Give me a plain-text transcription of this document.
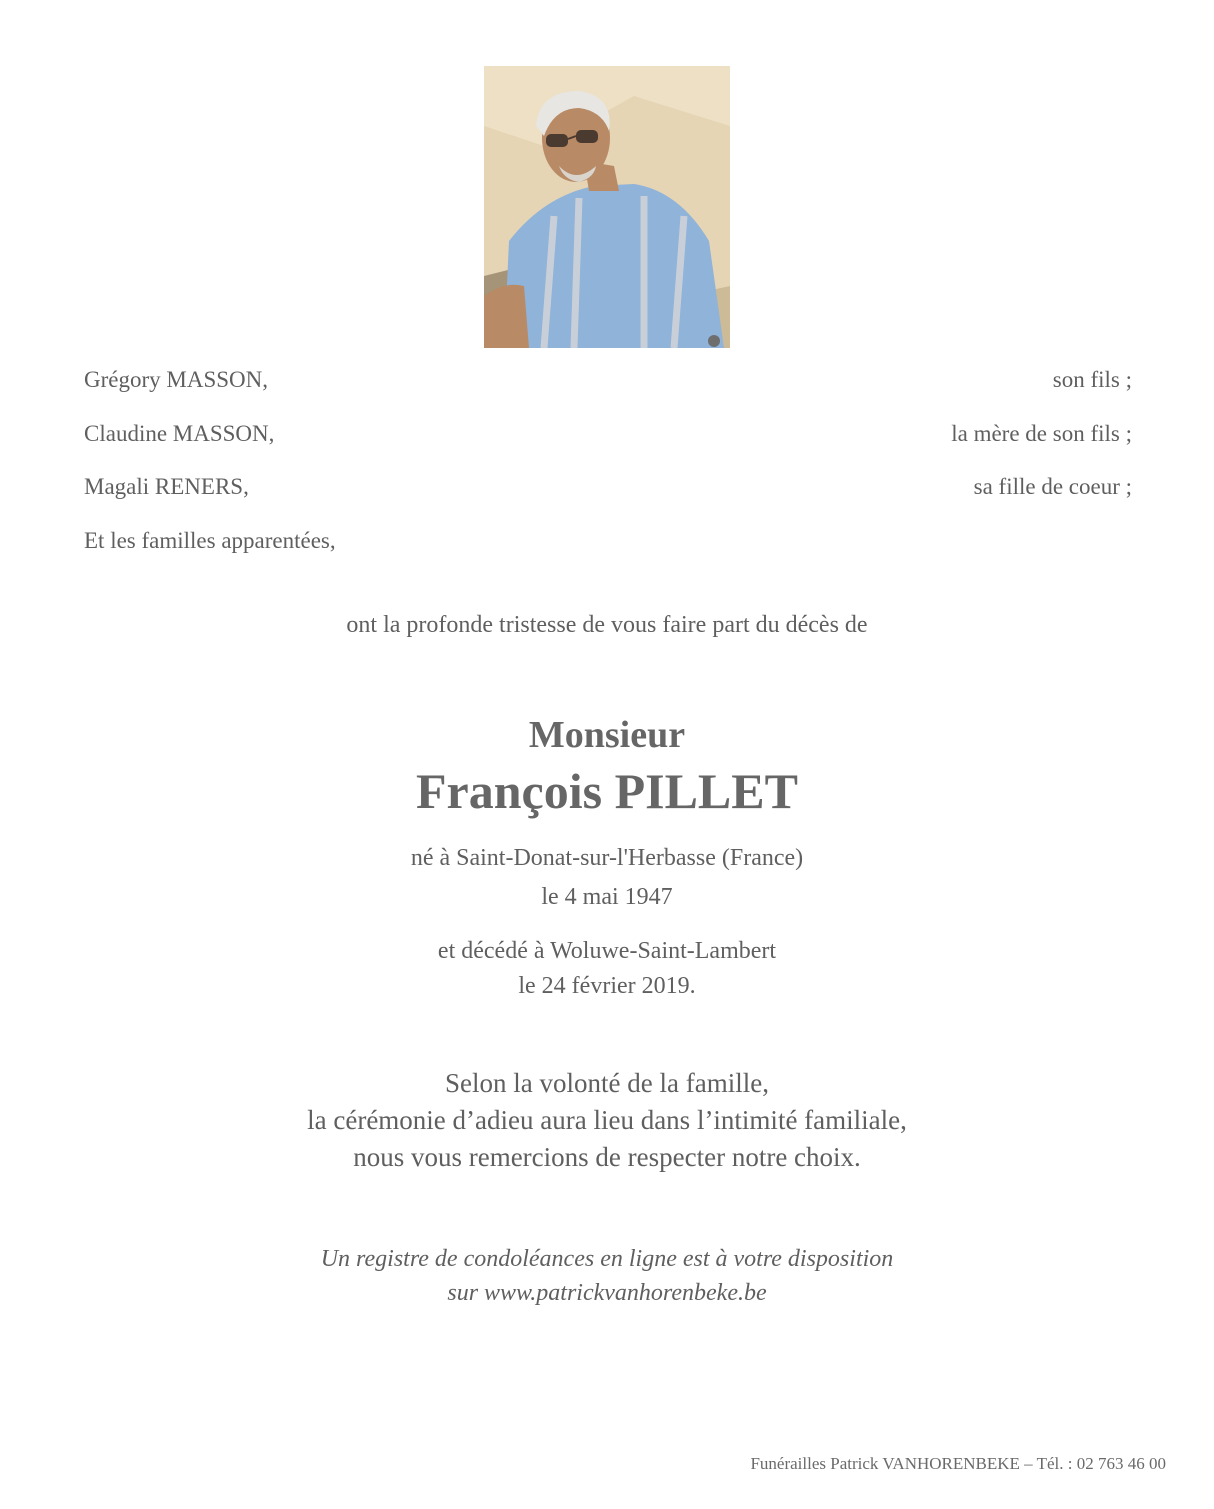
Grégory MASSON,	son fils ;
Claudine MASSON,	la mère de son fils ;
Magali RENERS,	sa fille de coeur ;
Et les familles apparentées,
ont la profonde tristesse de vous faire part du décès de
Monsieur
François PILLET
né à Saint-Donat-sur-l'Herbasse (France)
le 4 mai 1947
et décédé à Woluwe-Saint-Lambert
le 24 février 2019.
Selon la volonté de la famille,
la cérémonie d’adieu aura lieu dans l’intimité familiale,
nous vous remercions de respecter notre choix.
Un registre de condoléances en ligne est à votre disposition
sur www.patrickvanhorenbeke.be
Funérailles Patrick VANHORENBEKE – Tél. : 02 763 46 00
